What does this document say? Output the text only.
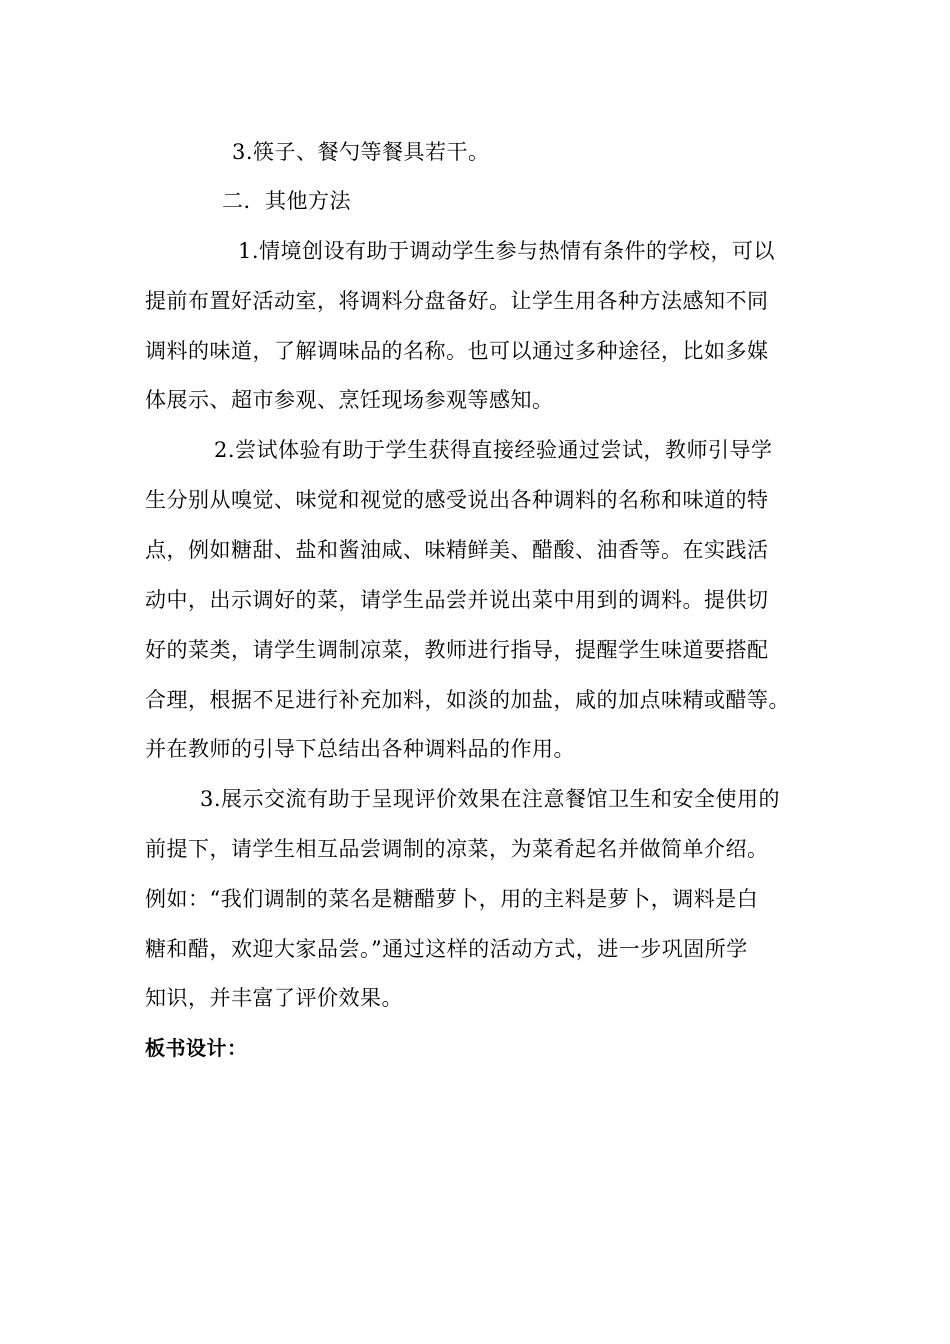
3.筷子、餐勺等餐具若干。
二．其他方法
1.情境创设有助于调动学生参与热情有条件的学校，可以
提前布置好活动室，将调料分盘备好。让学生用各种方法感知不同
调料的味道，了解调味品的名称。也可以通过多种途径，比如多媒
体展示、超市参观、烹饪现场参观等感知。
2.尝试体验有助于学生获得直接经验通过尝试，教师引导学
生分别从嗅觉、味觉和视觉的感受说出各种调料的名称和味道的特
点，例如糖甜、盐和酱油咸、味精鲜美、醋酸、油香等。在实践活
动中，出示调好的菜，请学生品尝并说出菜中用到的调料。提供切
好的菜类，请学生调制凉菜，教师进行指导，提醒学生味道要搭配
合理，根据不足进行补充加料，如淡的加盐，咸的加点味精或醋等。
并在教师的引导下总结出各种调料品的作用。
3.展示交流有助于呈现评价效果在注意餐馆卫生和安全使用的
前提下，请学生相互品尝调制的凉菜，为菜肴起名并做简单介绍。
例如：“我们调制的菜名是糖醋萝卜，用的主料是萝卜，调料是白
糖和醋，欢迎大家品尝。”通过这样的活动方式，进一步巩固所学
知识，并丰富了评价效果。
板书设计：
